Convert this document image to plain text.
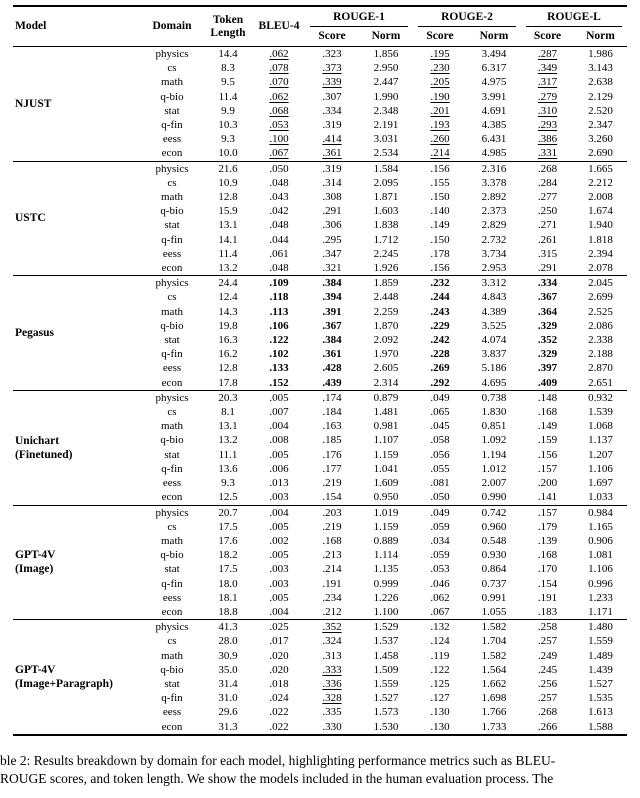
Model	Domain	Token
Length	BLEU-4	ROUGE-1		ROUGE-2		ROUGE-L	
				Score	Norm	Score	Norm	Score	Norm
NJUST	physics	14.4	.062	.323	1.856	.195	3.494	.287	1.986
	cs	8.3	.078	.373	2.950	.230	6.317	.349	3.143
	math	9.5	.070	.339	2.447	.205	4.975	.317	2.638
	q-bio	11.4	.062	.307	1.990	.190	3.991	.279	2.129
	stat	9.9	.068	.334	2.348	.201	4.691	.310	2.520
	q-fin	10.3	.053	.319	2.191	.193	4.385	.293	2.347
	eess	9.3	.100	.414	3.031	.260	6.431	.386	3.260
	econ	10.0	.067	.361	2.534	.214	4.985	.331	2.690
USTC	physics	21.6	.050	.319	1.584	.156	2.316	.268	1.665
	cs	10.9	.048	.314	2.095	.155	3.378	.284	2.212
	math	12.8	.043	.308	1.871	.150	2.892	.277	2.008
	q-bio	15.9	.042	.291	1.603	.140	2.373	.250	1.674
	stat	13.1	.048	.306	1.838	.149	2.829	.271	1.940
	q-fin	14.1	.044	.295	1.712	.150	2.732	.261	1.818
	eess	11.4	.061	.347	2.245	.178	3.734	.315	2.394
	econ	13.2	.048	.321	1.926	.156	2.953	.291	2.078
Pegasus	physics	24.4	.109	.384	1.859	.232	3.312	.334	2.045
	cs	12.4	.118	.394	2.448	.244	4.843	.367	2.699
	math	14.3	.113	.391	2.259	.243	4.389	.364	2.525
	q-bio	19.8	.106	.367	1.870	.229	3.525	.329	2.086
	stat	16.3	.122	.384	2.092	.242	4.074	.352	2.338
	q-fin	16.2	.102	.361	1.970	.228	3.837	.329	2.188
	eess	12.8	.133	.428	2.605	.269	5.186	.397	2.870
	econ	17.8	.152	.439	2.314	.292	4.695	.409	2.651
Unichart
(Finetuned)	physics	20.3	.005	.174	0.879	.049	0.738	.148	0.932
	cs	8.1	.007	.184	1.481	.065	1.830	.168	1.539
	math	13.1	.004	.163	0.981	.045	0.851	.149	1.068
	q-bio	13.2	.008	.185	1.107	.058	1.092	.159	1.137
	stat	11.1	.005	.176	1.159	.056	1.194	.156	1.207
	q-fin	13.6	.006	.177	1.041	.055	1.012	.157	1.106
	eess	9.3	.013	.219	1.609	.081	2.007	.200	1.697
	econ	12.5	.003	.154	0.950	.050	0.990	.141	1.033
GPT-4V
(Image)	physics	20.7	.004	.203	1.019	.049	0.742	.157	0.984
	cs	17.5	.005	.219	1.159	.059	0.960	.179	1.165
	math	17.6	.002	.168	0.889	.034	0.548	.139	0.906
	q-bio	18.2	.005	.213	1.114	.059	0.930	.168	1.081
	stat	17.5	.003	.214	1.135	.053	0.864	.170	1.106
	q-fin	18.0	.003	.191	0.999	.046	0.737	.154	0.996
	eess	18.1	.005	.234	1.226	.062	0.991	.191	1.233
	econ	18.8	.004	.212	1.100	.067	1.055	.183	1.171
GPT-4V
(Image+Paragraph)	physics	41.3	.025	.352	1.529	.132	1.582	.258	1.480
	cs	28.0	.017	.324	1.537	.124	1.704	.257	1.559
	math	30.9	.020	.313	1.458	.119	1.582	.249	1.489
	q-bio	35.0	.020	.333	1.509	.122	1.564	.245	1.439
	stat	31.4	.018	.336	1.559	.125	1.662	.256	1.527
	q-fin	31.0	.024	.328	1.527	.127	1.698	.257	1.535
	eess	29.6	.022	.335	1.573	.130	1.766	.268	1.613
	econ	31.3	.022	.330	1.530	.130	1.733	.266	1.588
ble 2: Results breakdown by domain for each model, highlighting performance metrics such as BLEU-
ROUGE scores, and token length. We show the models included in the human evaluation process. The
